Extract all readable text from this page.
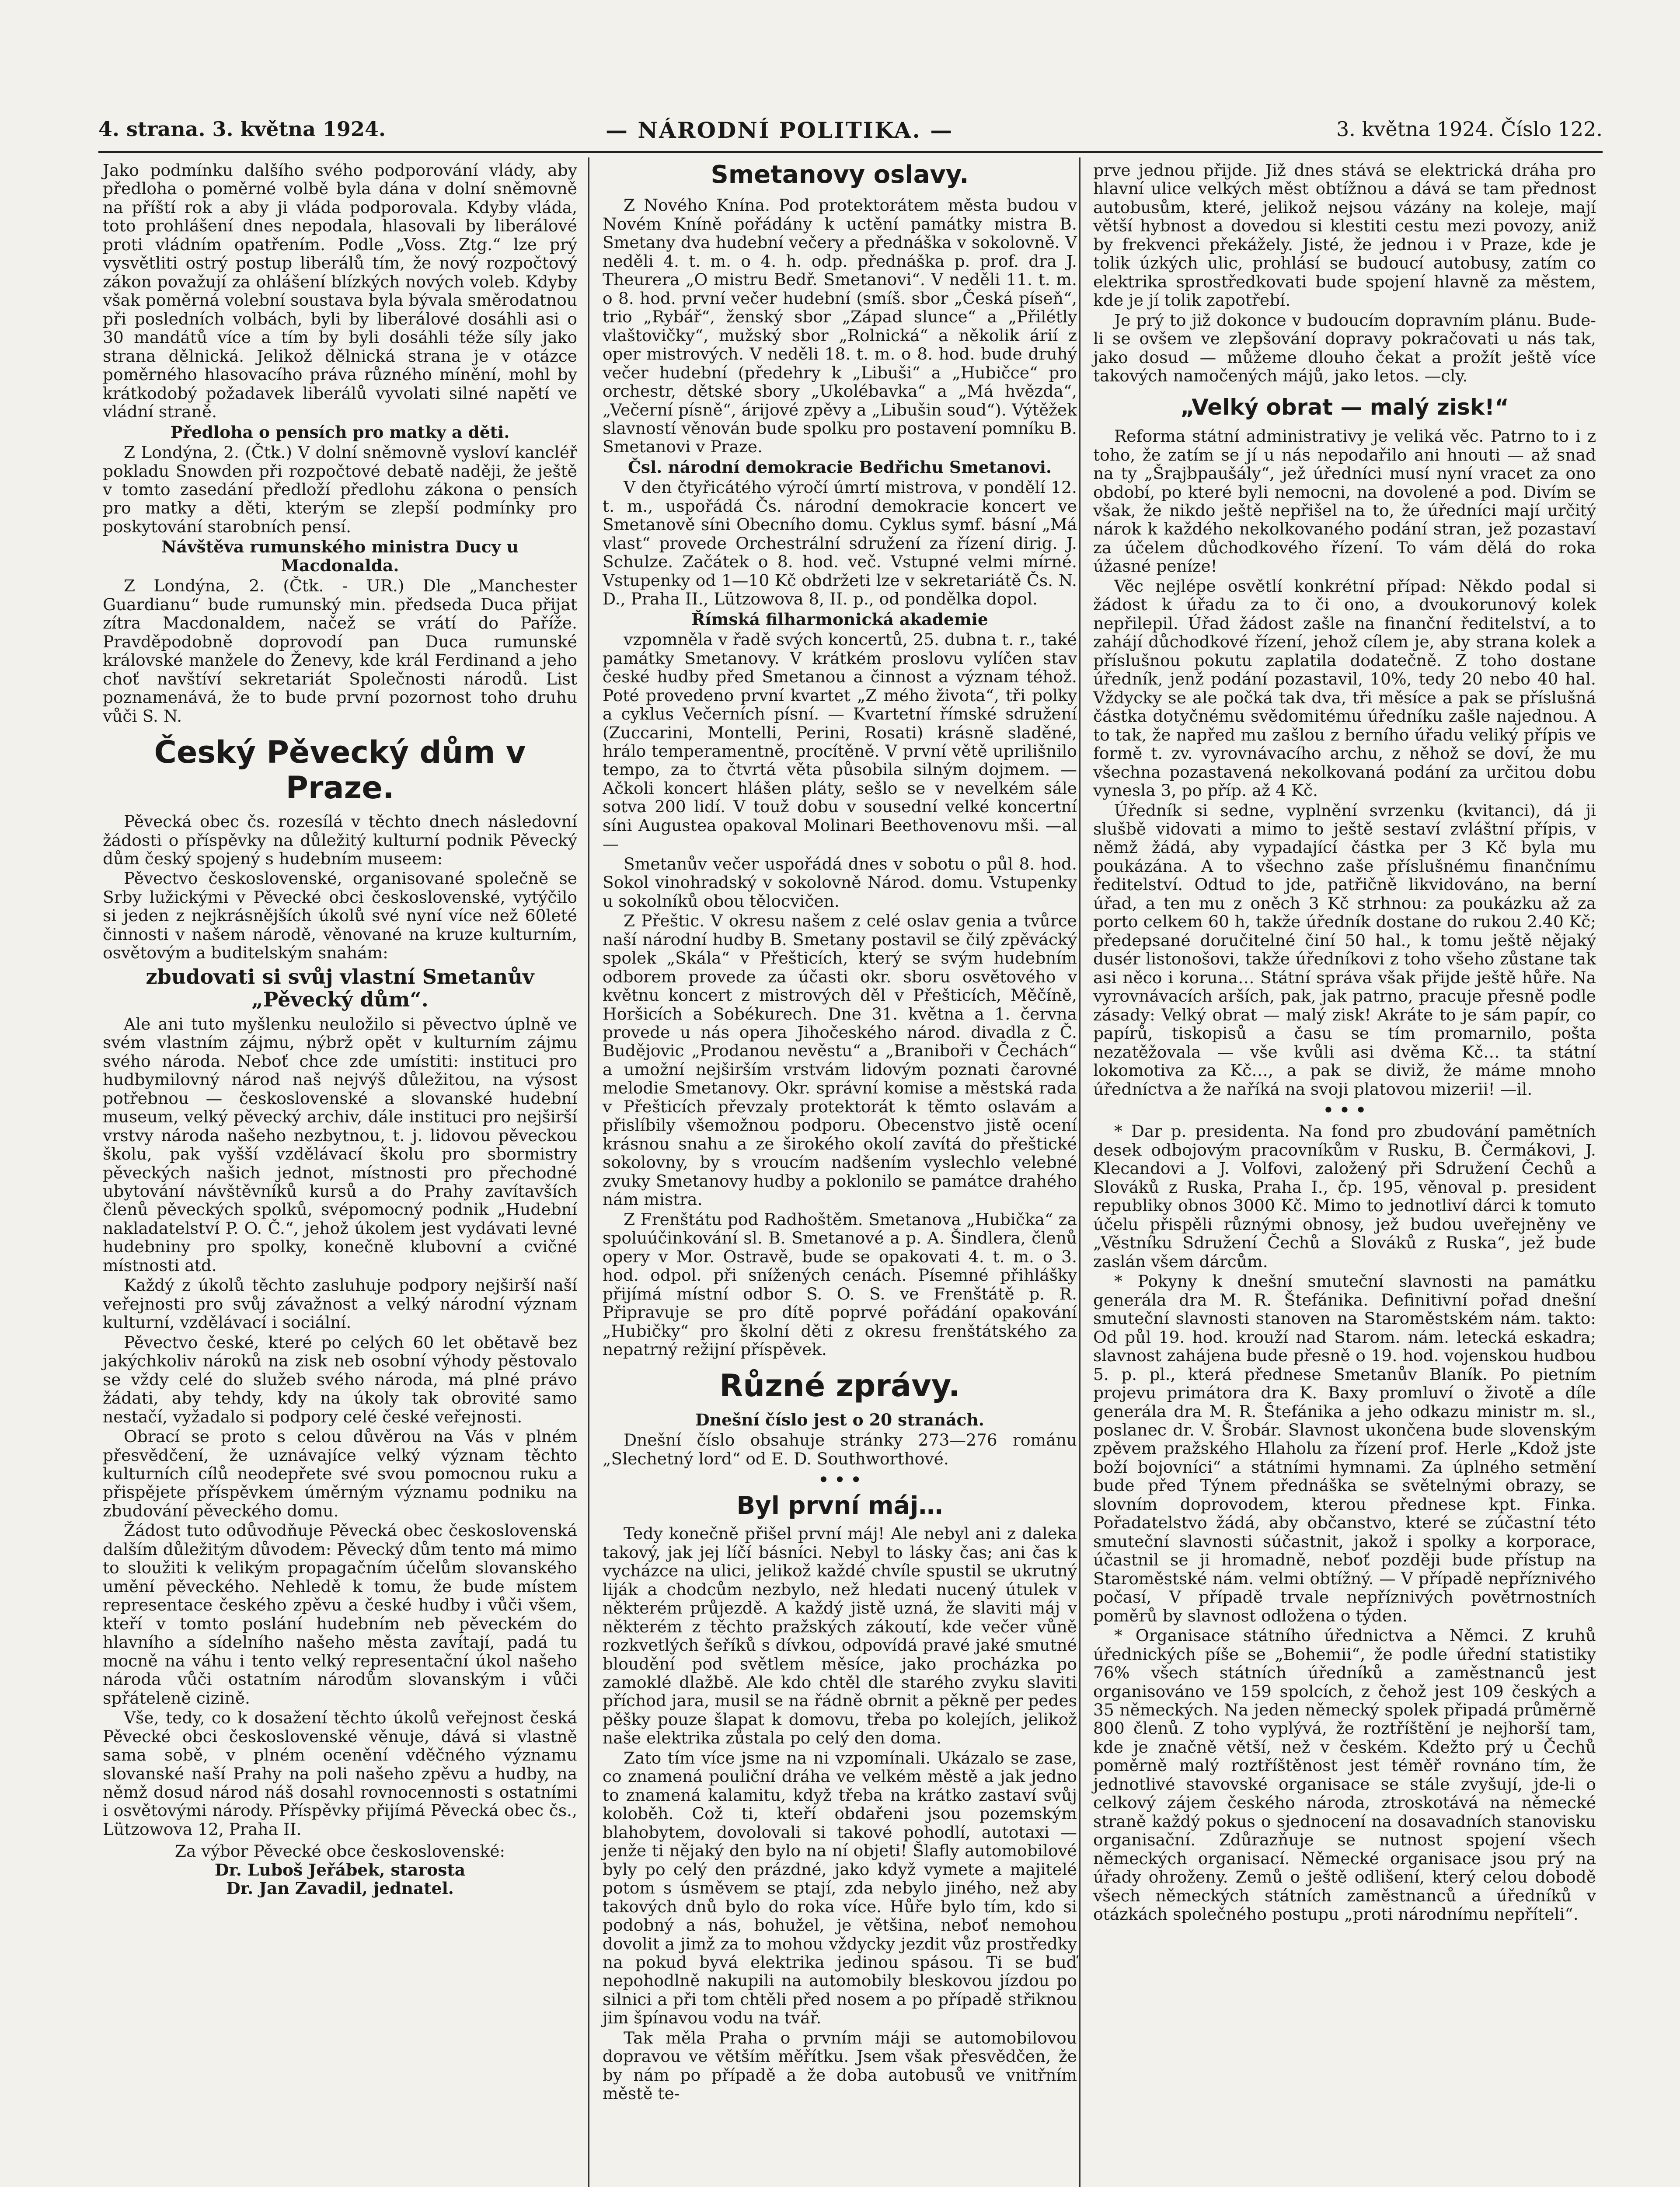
4. strana. 3. května 1924.	— NÁRODNÍ POLITIKA. —	3. května 1924. Číslo 122.

Jako podmínku dalšího svého podporování vlády, aby předloha o poměrné volbě byla dána v dolní sněmovně na příští rok a aby ji vláda podporovala. Kdyby vláda, toto prohlášení dnes nepodala, hlasovali by liberálové proti vládním opatřením. Podle „Voss. Ztg.“ lze prý vysvětliti ostrý postup liberálů tím, že nový rozpočtový zákon považují za ohlášení blízkých nových voleb. Kdyby však poměrná volební soustava byla bývala směrodatnou při posledních volbách, byli by liberálové dosáhli asi o 30 mandátů více a tím by byli dosáhli téže síly jako strana dělnická. Jelikož dělnická strana je v otázce poměrného hlasovacího práva různého mínění, mohl by krátkodobý požadavek liberálů vyvolati silné napětí ve vládní straně.

Předloha o pensích pro matky a děti.

Z Londýna, 2. (Čtk.) V dolní sněmovně vysloví kancléř pokladu Snowden při rozpočtové debatě naději, že ještě v tomto zasedání předloží předlohu zákona o pensích pro matky a děti, kterým se zlepší podmínky pro poskytování starobních pensí.

Návštěva rumunského ministra Ducy u Macdonalda.

Z Londýna, 2. (Čtk. - UR.) Dle „Manchester Guardianu“ bude rumunský min. předseda Duca přijat zítra Macdonaldem, načež se vrátí do Paříže. Pravděpodobně doprovodí pan Duca rumunské královské manžele do Ženevy, kde král Ferdinand a jeho choť navštíví sekretariát Společnosti národů. List poznamenává, že to bude první pozornost toho druhu vůči S. N.

Český Pěvecký dům v Praze.

Pěvecká obec čs. rozesílá v těchto dnech následovní žádosti o příspěvky na důležitý kulturní podnik Pěvecký dům český spojený s hudebním museem:

Pěvectvo československé, organisované společně se Srby lužickými v Pěvecké obci československé, vytýčilo si jeden z nejkrásnějších úkolů své nyní více než 60leté činnosti v našem národě, věnované na kruze kulturním, osvětovým a buditelským snahám:

zbudovati si svůj vlastní Smetanův „Pěvecký dům“.

Ale ani tuto myšlenku neuložilo si pěvectvo úplně ve svém vlastním zájmu, nýbrž opět v kulturním zájmu svého národa. Neboť chce zde umístiti: instituci pro hudbymilovný národ naš nejvýš důležitou, na výsost potřebnou — československé a slovanské hudební museum, velký pěvecký archiv, dále instituci pro nejširší vrstvy národa našeho nezbytnou, t. j. lidovou pěveckou školu, pak vyšší vzdělávací školu pro sbormistry pěveckých našich jednot, místnosti pro přechodné ubytování návštěvníků kursů a do Prahy zavítavších členů pěveckých spolků, svépomocný podnik „Hudební nakladatelství P. O. Č.“, jehož úkolem jest vydávati levné hudebniny pro spolky, konečně klubovní a cvičné místnosti atd.

Každý z úkolů těchto zasluhuje podpory nejširší naší veřejnosti pro svůj závažnost a velký národní význam kulturní, vzdělávací i sociální.

Pěvectvo české, které po celých 60 let obětavě bez jakýchkoliv nároků na zisk neb osobní výhody pěstovalo se vždy celé do služeb svého národa, má plné právo žádati, aby tehdy, kdy na úkoly tak obrovité samo nestačí, vyžadalo si podpory celé české veřejnosti.

Obrací se proto s celou důvěrou na Vás v plném přesvědčení, že uznávajíce velký význam těchto kulturních cílů neodepřete své svou pomocnou ruku a přispějete příspěvkem úměrným významu podniku na zbudování pěveckého domu.

Žádost tuto odůvodňuje Pěvecká obec československá dalším důležitým důvodem: Pěvecký dům tento má mimo to sloužiti k velikým propagačním účelům slovanského umění pěveckého. Nehledě k tomu, že bude místem representace českého zpěvu a české hudby i vůči všem, kteří v tomto poslání hudebním neb pěveckém do hlavního a sídelního našeho města zavítají, padá tu mocně na váhu i tento velký representační úkol našeho národa vůči ostatním národům slovanským i vůči spřáteleně cizině.

Vše, tedy, co k dosažení těchto úkolů veřejnost česká Pěvecké obci československé věnuje, dává si vlastně sama sobě, v plném ocenění vděčného významu slovanské naší Prahy na poli našeho zpěvu a hudby, na němž dosud národ náš dosahl rovnocennosti s ostatními i osvětovými národy. Příspěvky přijímá Pěvecká obec čs., Lützowova 12, Praha II.

Za výbor Pěvecké obce československé:

Dr. Luboš Jeřábek, starosta

Dr. Jan Zavadil, jednatel.

Smetanovy oslavy.

Z Nového Knína. Pod protektorátem města budou v Novém Kníně pořádány k uctění památky mistra B. Smetany dva hudební večery a přednáška v sokolovně. V neděli 4. t. m. o 4. h. odp. přednáška p. prof. dra J. Theurera „O mistru Bedř. Smetanovi“. V neděli 11. t. m. o 8. hod. první večer hudební (smíš. sbor „Česká píseň“, trio „Rybář“, ženský sbor „Západ slunce“ a „Přilétly vlaštovičky“, mužský sbor „Rolnická“ a několik árií z oper mistrových. V neděli 18. t. m. o 8. hod. bude druhý večer hudební (předehry k „Libuši“ a „Hubičce“ pro orchestr, dětské sbory „Ukolébavka“ a „Má hvězda“, „Večerní písně“, árijové zpěvy a „Libušin soud“). Výtěžek slavností věnován bude spolku pro postavení pomníku B. Smetanovi v Praze.

Čsl. národní demokracie Bedřichu Smetanovi.

V den čtyřicátého výročí úmrtí mistrova, v pondělí 12. t. m., uspořádá Čs. národní demokracie koncert ve Smetanově síni Obecního domu. Cyklus symf. básní „Má vlast“ provede Orchestrální sdružení za řízení dirig. J. Schulze. Začátek o 8. hod. več. Vstupné velmi mírné. Vstupenky od 1—10 Kč obdržeti lze v sekretariátě Čs. N. D., Praha II., Lützowova 8, II. p., od pondělka dopol.

Římská filharmonická akademie

vzpomněla v řadě svých koncertů, 25. dubna t. r., také památky Smetanovy. V krátkém proslovu vylíčen stav české hudby před Smetanou a činnost a význam téhož. Poté provedeno první kvartet „Z mého života“, tři polky a cyklus Večerních písní. — Kvartetní římské sdružení (Zuccarini, Montelli, Perini, Rosati) krásně sladěné, hrálo temperamentně, procítěně. V první větě uprilišnilo tempo, za to čtvrtá věta působila silným dojmem. — Ačkoli koncert hlášen pláty, sešlo se v nevelkém sále sotva 200 lidí. V touž dobu v sousední velké koncertní síni Augustea opakoval Molinari Beethovenovu mši. —al—

Smetanův večer uspořádá dnes v sobotu o půl 8. hod. Sokol vinohradský v sokolovně Národ. domu. Vstupenky u sokolníků obou tělocvičen.

Z Přeštic. V okresu našem z celé oslav genia a tvůrce naší národní hudby B. Smetany postavil se čilý zpěvácký spolek „Skála“ v Přešticích, který se svým hudebním odborem provede za účasti okr. sboru osvětového v květnu koncert z mistrových děl v Přešticích, Měčíně, Horšicích a Sobékurech. Dne 31. května a 1. června provede u nás opera Jihočeského národ. divadla z Č. Budějovic „Prodanou nevěstu“ a „Braniboři v Čechách“ a umožní nejširším vrstvám lidovým poznati čarovné melodie Smetanovy. Okr. správní komise a městská rada v Přešticích převzaly protektorát k těmto oslavám a přislíbily všemožnou podporu. Obecenstvo jistě ocení krásnou snahu a ze širokého okolí zavítá do přeštické sokolovny, by s vroucím nadšením vyslechlo velebné zvuky Smetanovy hudby a poklonilo se památce drahého nám mistra.

Z Frenštátu pod Radhoštěm. Smetanova „Hubička“ za spoluúčinkování sl. B. Smetanové a p. A. Šindlera, členů opery v Mor. Ostravě, bude se opakovati 4. t. m. o 3. hod. odpol. při snížených cenách. Písemné přihlášky přijímá místní odbor S. O. S. ve Frenštátě p. R. Připravuje se pro dítě poprvé pořádání opakování „Hubičky“ pro školní děti z okresu frenštátského za nepatrný režijní příspěvek.

Různé zprávy.

Dnešní číslo jest o 20 stranách.

Dnešní číslo obsahuje stránky 273—276 románu „Slechetný lord“ od E. D. Southworthové.

• • •

Byl první máj…

Tedy konečně přišel první máj! Ale nebyl ani z daleka takový, jak jej líčí básníci. Nebyl to lásky čas; ani čas k vycházce na ulici, jelikož každé chvíle spustil se ukrutný liják a chodcům nezbylo, než hledati nucený útulek v některém průjezdě. A každý jistě uzná, že slaviti máj v některém z těchto pražských zákoutí, kde večer vůně rozkvetlých šeříků s dívkou, odpovídá pravé jaké smutné bloudění pod světlem měsíce, jako procházka po zamoklé dlažbě. Ale kdo chtěl dle starého zvyku slaviti příchod jara, musil se na řádně obrnit a pěkně per pedes pěšky pouze šlapat k domovu, třeba po kolejích, jelikož naše elektrika zůstala po celý den doma.

Zato tím více jsme na ni vzpomínali. Ukázalo se zase, co znamená pouliční dráha ve velkém městě a jak jedno to znamená kalamitu, když třeba na krátko zastaví svůj koloběh. Což ti, kteří obdařeni jsou pozemským blahobytem, dovolovali si takové pohodlí, autotaxi — jenže ti nějaký den bylo na ní objeti! Šlafly automobilové byly po celý den prázdné, jako když vymete a majitelé potom s úsměvem se ptají, zda nebylo jiného, než aby takových dnů bylo do roka více. Hůře bylo tím, kdo si podobný a nás, bohužel, je většina, neboť nemohou dovolit a jimž za to mohou vždycky jezdit vůz prostředky na pokud byvá elektrika jedinou spásou. Ti se buď nepohodlně nakupili na automobily bleskovou jízdou po silnici a při tom chtěli před nosem a po případě střiknou jim špínavou vodu na tvář.

Tak měla Praha o prvním máji se automobilovou dopravou ve větším měřítku. Jsem však přesvědčen, že by nám po případě a že doba autobusů ve vnitřním městě te-

prve jednou přijde. Již dnes stává se elektrická dráha pro hlavní ulice velkých měst obtížnou a dává se tam přednost autobusům, které, jelikož nejsou vázány na koleje, mají větší hybnost a dovedou si klestiti cestu mezi povozy, aniž by frekvenci překážely. Jisté, že jednou i v Praze, kde je tolik úzkých ulic, prohlásí se budoucí autobusy, zatím co elektrika sprostředkovati bude spojení hlavně za městem, kde je jí tolik zapotřebí.

Je prý to již dokonce v budoucím dopravním plánu. Bude-li se ovšem ve zlepšování dopravy pokračovati u nás tak, jako dosud — můžeme dlouho čekat a prožít ještě více takových namočených májů, jako letos. —cly.

„Velký obrat — malý zisk!“

Reforma státní administrativy je veliká věc. Patrno to i z toho, že zatím se jí u nás nepodařilo ani hnouti — až snad na ty „Šrajbpaušály“, jež úředníci musí nyní vracet za ono období, po které byli nemocni, na dovolené a pod. Divím se však, že nikdo ještě nepřišel na to, že úředníci mají určitý nárok k každého nekolkovaného podání stran, jež pozastaví za účelem důchodkového řízení. To vám dělá do roka úžasné peníze!

Věc nejlépe osvětlí konkrétní případ: Někdo podal si žádost k úřadu za to či ono, a dvoukorunový kolek nepřilepil. Úřad žádost zašle na finanční ředitelství, a to zahájí důchodkové řízení, jehož cílem je, aby strana kolek a příslušnou pokutu zaplatila dodatečně. Z toho dostane úředník, jenž podání pozastavil, 10%, tedy 20 nebo 40 hal. Vždycky se ale počká tak dva, tři měsíce a pak se příslušná částka dotyčnému svědomitému úředníku zašle najednou. A to tak, že napřed mu zašlou z berního úřadu veliký přípis ve formě t. zv. vyrovnávacího archu, z něhož se doví, že mu všechna pozastavená nekolkovaná podání za určitou dobu vynesla 3, po příp. až 4 Kč.

Úředník si sedne, vyplnění svrzenku (kvitanci), dá ji slušbě vidovati a mimo to ještě sestaví zvláštní přípis, v němž žádá, aby vypadající částka per 3 Kč byla mu poukázána. A to všechno zaše příslušnému finančnímu ředitelství. Odtud to jde, patřičně likvidováno, na berní úřad, a ten mu z oněch 3 Kč strhnou: za poukázku až za porto celkem 60 h, takže úředník dostane do rukou 2.40 Kč; předepsané doručitelné činí 50 hal., k tomu ještě nějaký dusér listonošovi, takže úředníkovi z toho všeho zůstane tak asi něco i koruna… Státní správa však přijde ještě hůře. Na vyrovnávacích arších, pak, jak patrno, pracuje přesně podle zásady: Velký obrat — malý zisk! Akráte to je sám papír, co papírů, tiskopisů a času se tím promarnilo, pošta nezatěžovala — vše kvůli asi dvěma Kč… ta státní lokomotiva za Kč…, a pak se diviž, že máme mnoho úředníctva a že naříká na svoji platovou mizerii! —il.

• • •

* Dar p. presidenta. Na fond pro zbudování pamětních desek odbojovým pracovníkům v Rusku, B. Čermákovi, J. Klecandovi a J. Volfovi, založený při Sdružení Čechů a Slováků z Ruska, Praha I., čp. 195, věnoval p. president republiky obnos 3000 Kč. Mimo to jednotliví dárci k tomuto účelu přispěli různými obnosy, jež budou uveřejněny ve „Věstníku Sdružení Čechů a Slováků z Ruska“, jež bude zaslán všem dárcům.

* Pokyny k dnešní smuteční slavnosti na památku generála dra M. R. Štefánika. Definitivní pořad dnešní smuteční slavnosti stanoven na Staroměstském nám. takto: Od půl 19. hod. krouží nad Starom. nám. letecká eskadra; slavnost zahájena bude přesně o 19. hod. vojenskou hudbou 5. p. pl., která přednese Smetanův Blaník. Po pietním projevu primátora dra K. Baxy promluví o životě a díle generála dra M. R. Štefánika a jeho odkazu ministr m. sl., poslanec dr. V. Šrobár. Slavnost ukončena bude slovenským zpěvem pražského Hlaholu za řízení prof. Herle „Kdož jste boží bojovníci“ a státními hymnami. Za úplného setmění bude před Týnem přednáška se světelnými obrazy, se slovním doprovodem, kterou přednese kpt. Finka. Pořadatelstvo žádá, aby občanstvo, které se zúčastní této smuteční slavnosti súčastnit, jakož i spolky a korporace, účastnil se ji hromadně, neboť později bude přístup na Staroměstské nám. velmi obtížný. — V případě nepříznivého počasí, V případě trvale nepříznivých povětrnostních poměrů by slavnost odložena o týden.

* Organisace státního úřednictva a Němci. Z kruhů úřednických píše se „Bohemii“, že podle úřední statistiky 76% všech státních úředníků a zaměstnanců jest organisováno ve 159 spolcích, z čehož jest 109 českých a 35 německých. Na jeden německý spolek připadá průměrně 800 členů. Z toho vyplývá, že roztříštění je nejhorší tam, kde je značně větší, než v českém. Kdežto prý u Čechů poměrně malý roztříštěnost jest téměř rovnáno tím, že jednotlivé stavovské organisace se stále zvyšují, jde-li o celkový zájem českého národa, ztroskotává na německé straně každý pokus o sjednocení na dosavadních stanovisku organisační. Zdůrazňuje se nutnost spojení všech německých organisací. Německé organisace jsou prý na úřady ohroženy. Zemů o ještě odlišení, který celou dobodě všech německých státních zaměstnanců a úředníků v otázkách společného postupu „proti národnímu nepříteli“.
